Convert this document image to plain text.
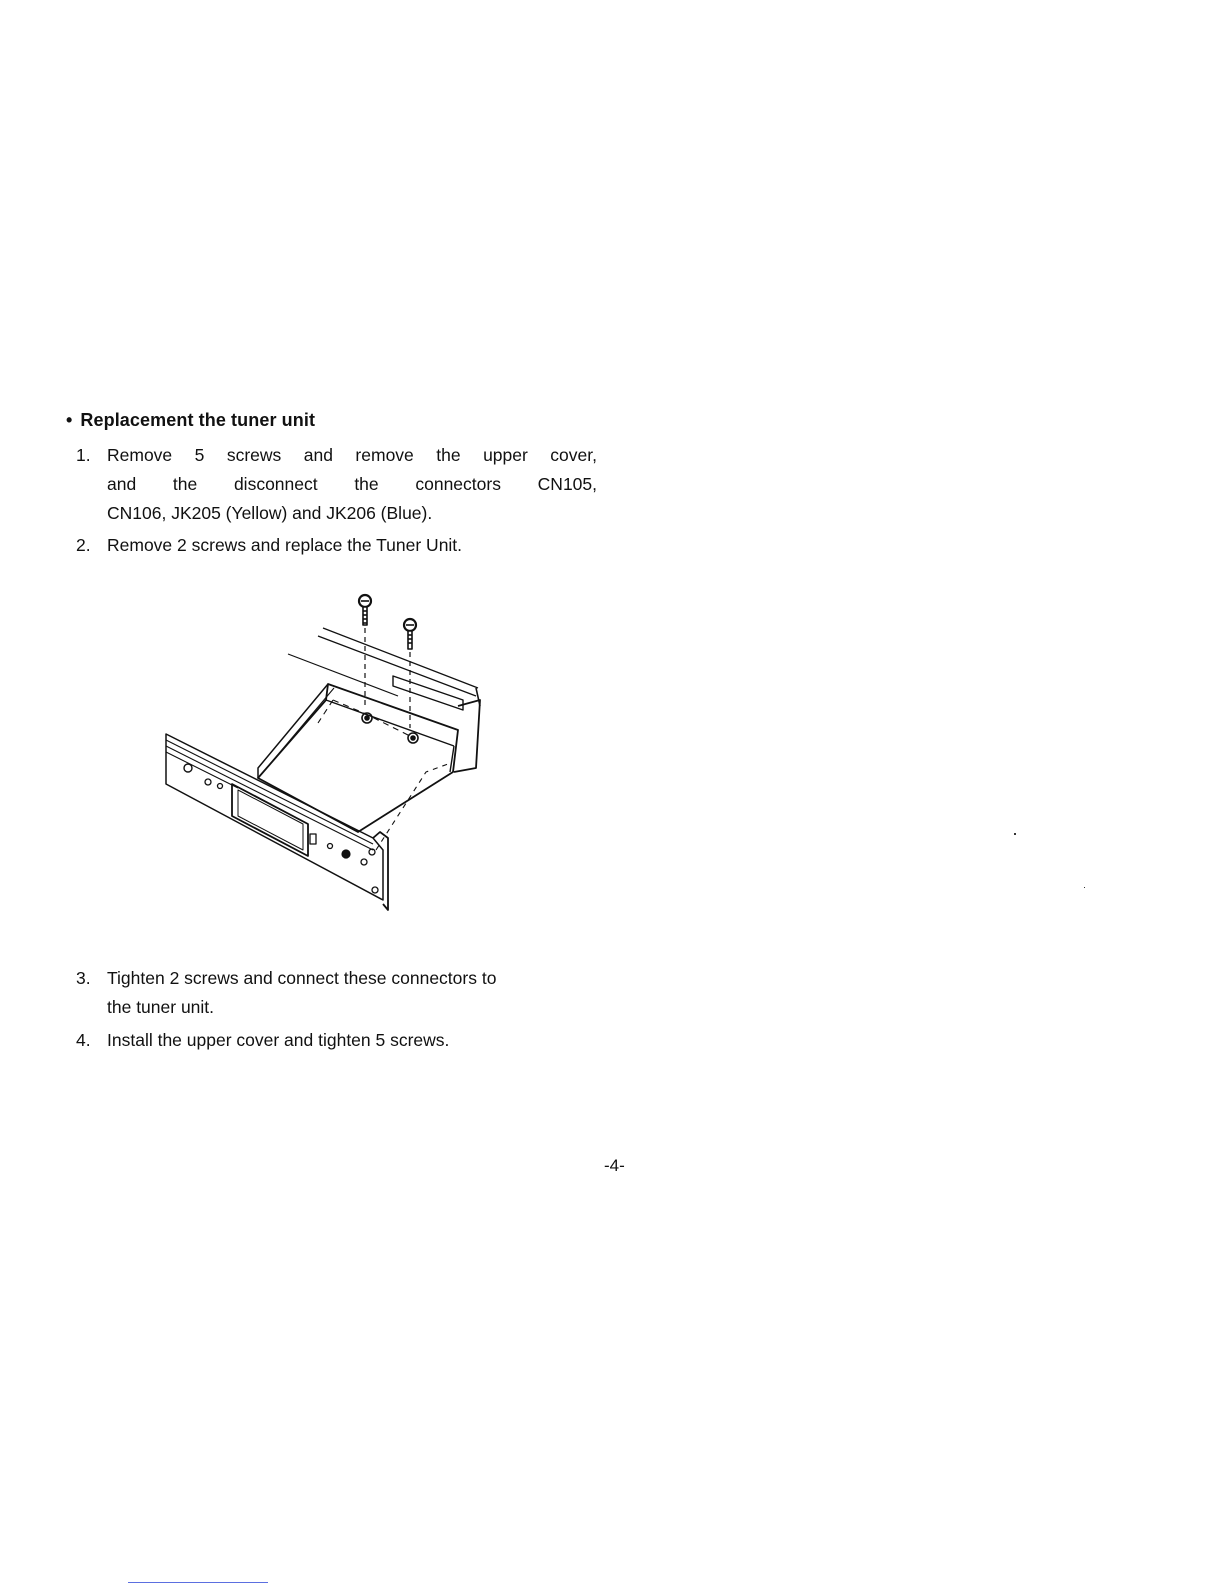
• Replacement the tuner unit
1. Remove 5 screws and remove the upper cover,
and the disconnect the connectors CN105,
CN106, JK205 (Yellow) and JK206 (Blue).
2. Remove 2 screws and replace the Tuner Unit.
3. Tighten 2 screws and connect these connectors to
the tuner unit.
4. Install the upper cover and tighten 5 screws.
-4-
